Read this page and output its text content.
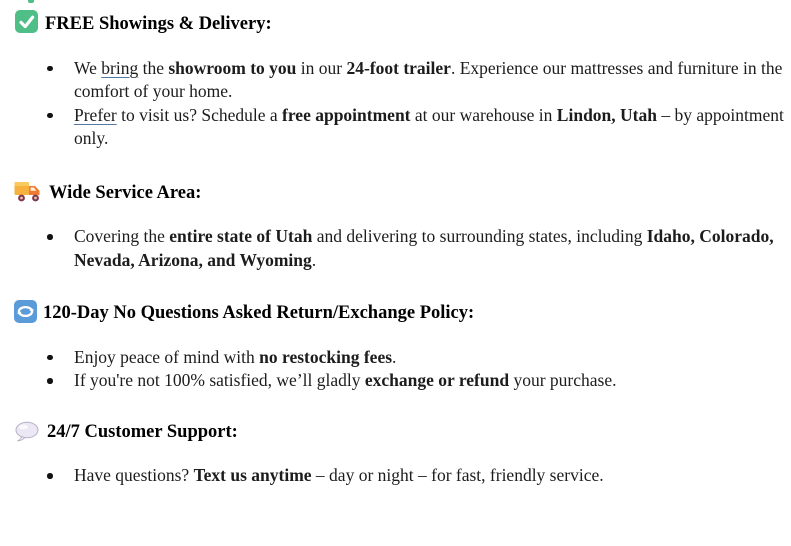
FREE Showings & Delivery:
We bring the showroom to you in our 24-foot trailer. Experience our mattresses and furniture in the comfort of your home.
Prefer to visit us? Schedule a free appointment at our warehouse in Lindon, Utah – by appointment only.
Wide Service Area:
Covering the entire state of Utah and delivering to surrounding states, including Idaho, Colorado, Nevada, Arizona, and Wyoming.
120-Day No Questions Asked Return/Exchange Policy:
Enjoy peace of mind with no restocking fees.
If you're not 100% satisfied, we’ll gladly exchange or refund your purchase.
24/7 Customer Support:
Have questions? Text us anytime – day or night – for fast, friendly service.
